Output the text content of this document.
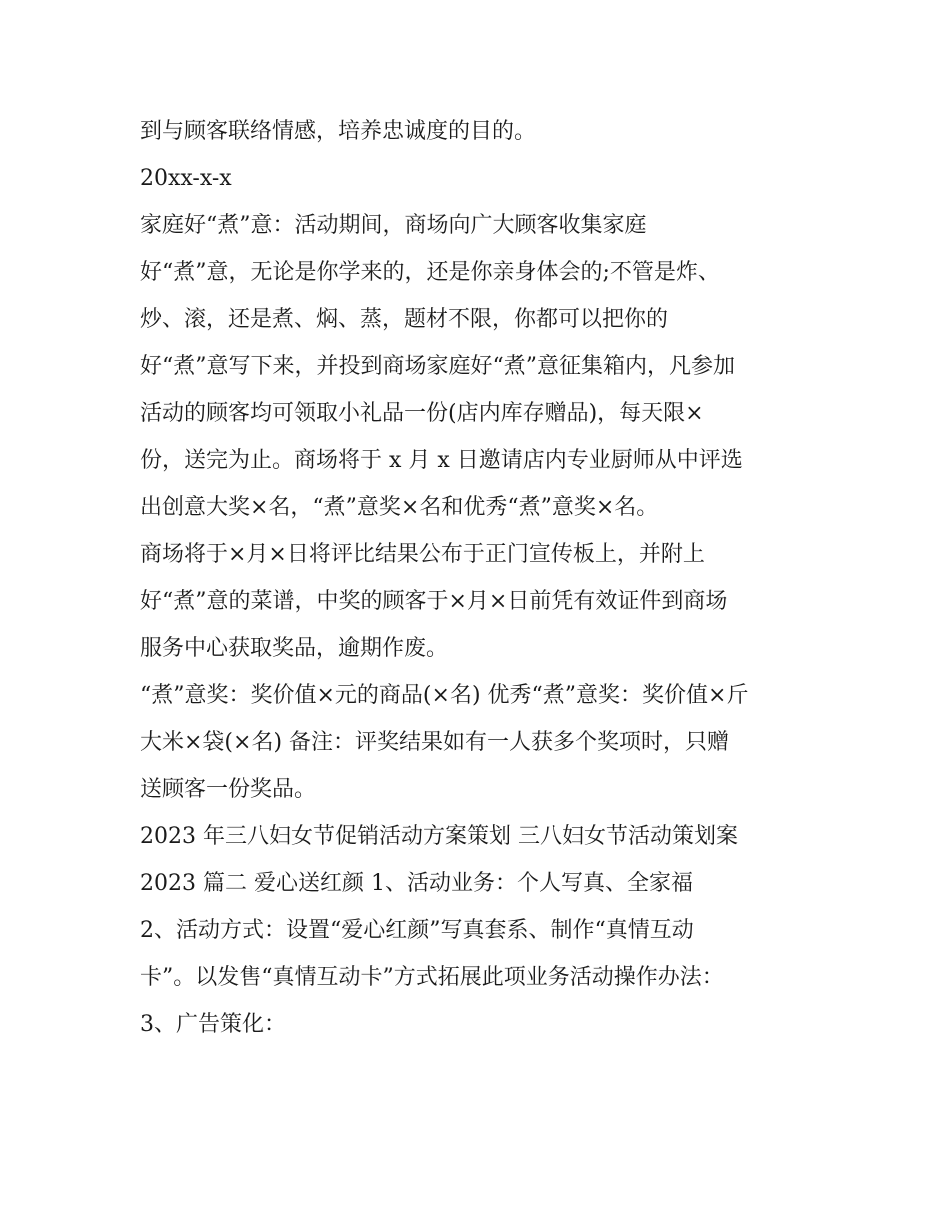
到与顾客联络情感，培养忠诚度的目的。
20xx-x-x
家庭好“煮”意：活动期间，商场向广大顾客收集家庭
好“煮”意，无论是你学来的，还是你亲身体会的;不管是炸、
炒、滚，还是煮、焖、蒸，题材不限，你都可以把你的
好“煮”意写下来，并投到商场家庭好“煮”意征集箱内，凡参加
活动的顾客均可领取小礼品一份(店内库存赠品)，每天限×
份，送完为止。商场将于 x 月 x 日邀请店内专业厨师从中评选
出创意大奖×名，“煮”意奖×名和优秀“煮”意奖×名。
商场将于×月×日将评比结果公布于正门宣传板上，并附上
好“煮”意的菜谱，中奖的顾客于×月×日前凭有效证件到商场
服务中心获取奖品，逾期作废。
“煮”意奖：奖价值×元的商品(×名) 优秀“煮”意奖：奖价值×斤
大米×袋(×名) 备注：评奖结果如有一人获多个奖项时，只赠
送顾客一份奖品。
2023 年三八妇女节促销活动方案策划 三八妇女节活动策划案
2023 篇二 爱心送红颜 1、活动业务：个人写真、全家福
2、活动方式：设置“爱心红颜”写真套系、制作“真情互动
卡”。以发售“真情互动卡”方式拓展此项业务活动操作办法：
3、广告策化：
